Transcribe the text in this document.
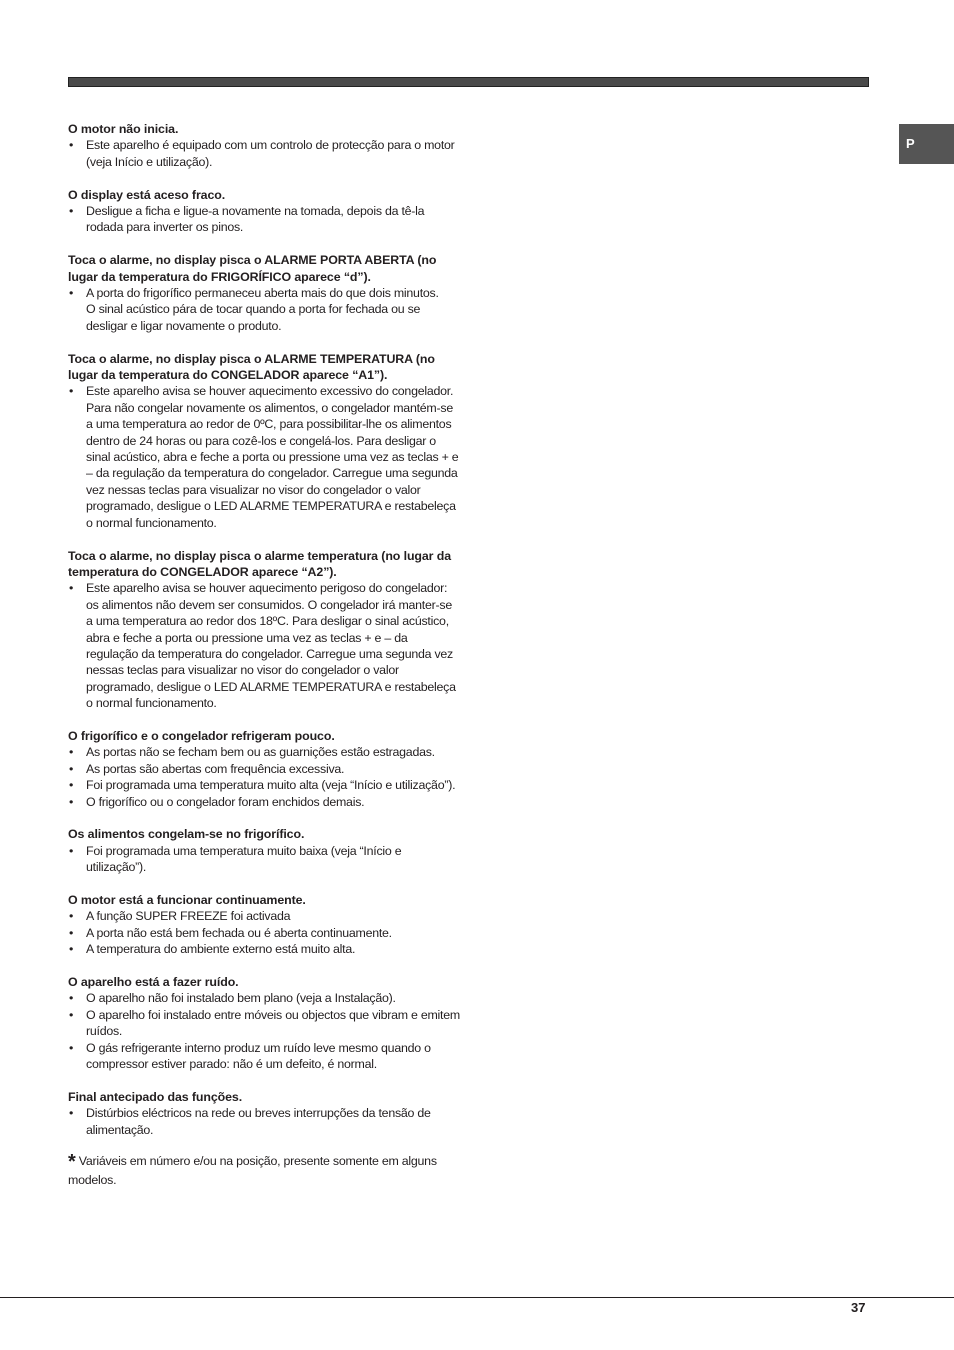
P
O motor não inicia.

• Este aparelho é equipado com um controlo de protecção para o motor (veja Início e utilização).

O display está aceso fraco.

• Desligue a ficha e ligue-a novamente na tomada, depois da tê-la rodada para inverter os pinos.

Toca o alarme, no display pisca o ALARME PORTA ABERTA (no lugar da temperatura do FRIGORÍFICO aparece “d”).

• A porta do frigorífico permaneceu aberta mais do que dois minutos.

O sinal acústico pára de tocar quando a porta for fechada ou se desligar e ligar novamente o produto.

Toca o alarme, no display pisca o ALARME TEMPERATURA (no lugar da temperatura do CONGELADOR aparece “A1”).

• Este aparelho avisa se houver aquecimento excessivo do congelador.

Para não congelar novamente os alimentos, o congelador mantém-se a uma temperatura ao redor de 0ºC, para possibilitar-lhe os alimentos dentro de 24 horas ou para cozê-los e congelá-los. Para desligar o sinal acústico, abra e feche a porta ou pressione uma vez as teclas + e – da regulação da temperatura do congelador. Carregue uma segunda vez nessas teclas para visualizar no visor do congelador o valor programado, desligue o LED ALARME TEMPERATURA e restabeleça o normal funcionamento.

Toca o alarme, no display pisca o alarme temperatura (no lugar da temperatura do CONGELADOR aparece “A2”).

• Este aparelho avisa se houver aquecimento perigoso do congelador: os alimentos não devem ser consumidos. O congelador irá manter-se a uma temperatura ao redor dos 18ºC. Para desligar o sinal acústico, abra e feche a porta ou pressione uma vez as teclas + e – da regulação da temperatura do congelador. Carregue uma segunda vez nessas teclas para visualizar no visor do congelador o valor programado, desligue o LED ALARME TEMPERATURA e restabeleça o normal funcionamento.

O frigorífico e o congelador refrigeram pouco.

• As portas não se fecham bem ou as guarnições estão estragadas.

• As portas são abertas com frequência excessiva.

• Foi programada uma temperatura muito alta (veja “Início e utilização”).

• O frigorífico ou o congelador foram enchidos demais.

Os alimentos congelam-se no frigorífico.

• Foi programada uma temperatura muito baixa (veja “Início e utilização”).

O motor está a funcionar continuamente.

• A função SUPER FREEZE foi activada

• A porta não está bem fechada ou é aberta continuamente.

• A temperatura do ambiente externo está muito alta.

O aparelho está a fazer ruído.

• O aparelho não foi instalado bem plano (veja a Instalação).

• O aparelho foi instalado entre móveis ou objectos que vibram e emitem ruídos.

• O gás refrigerante interno produz um ruído leve mesmo quando o compressor estiver parado: não é um defeito, é normal.

Final antecipado das funções.

• Distúrbios eléctricos na rede ou breves interrupções da tensão de alimentação.

* Variáveis em número e/ou na posição, presente somente em alguns modelos.
37
